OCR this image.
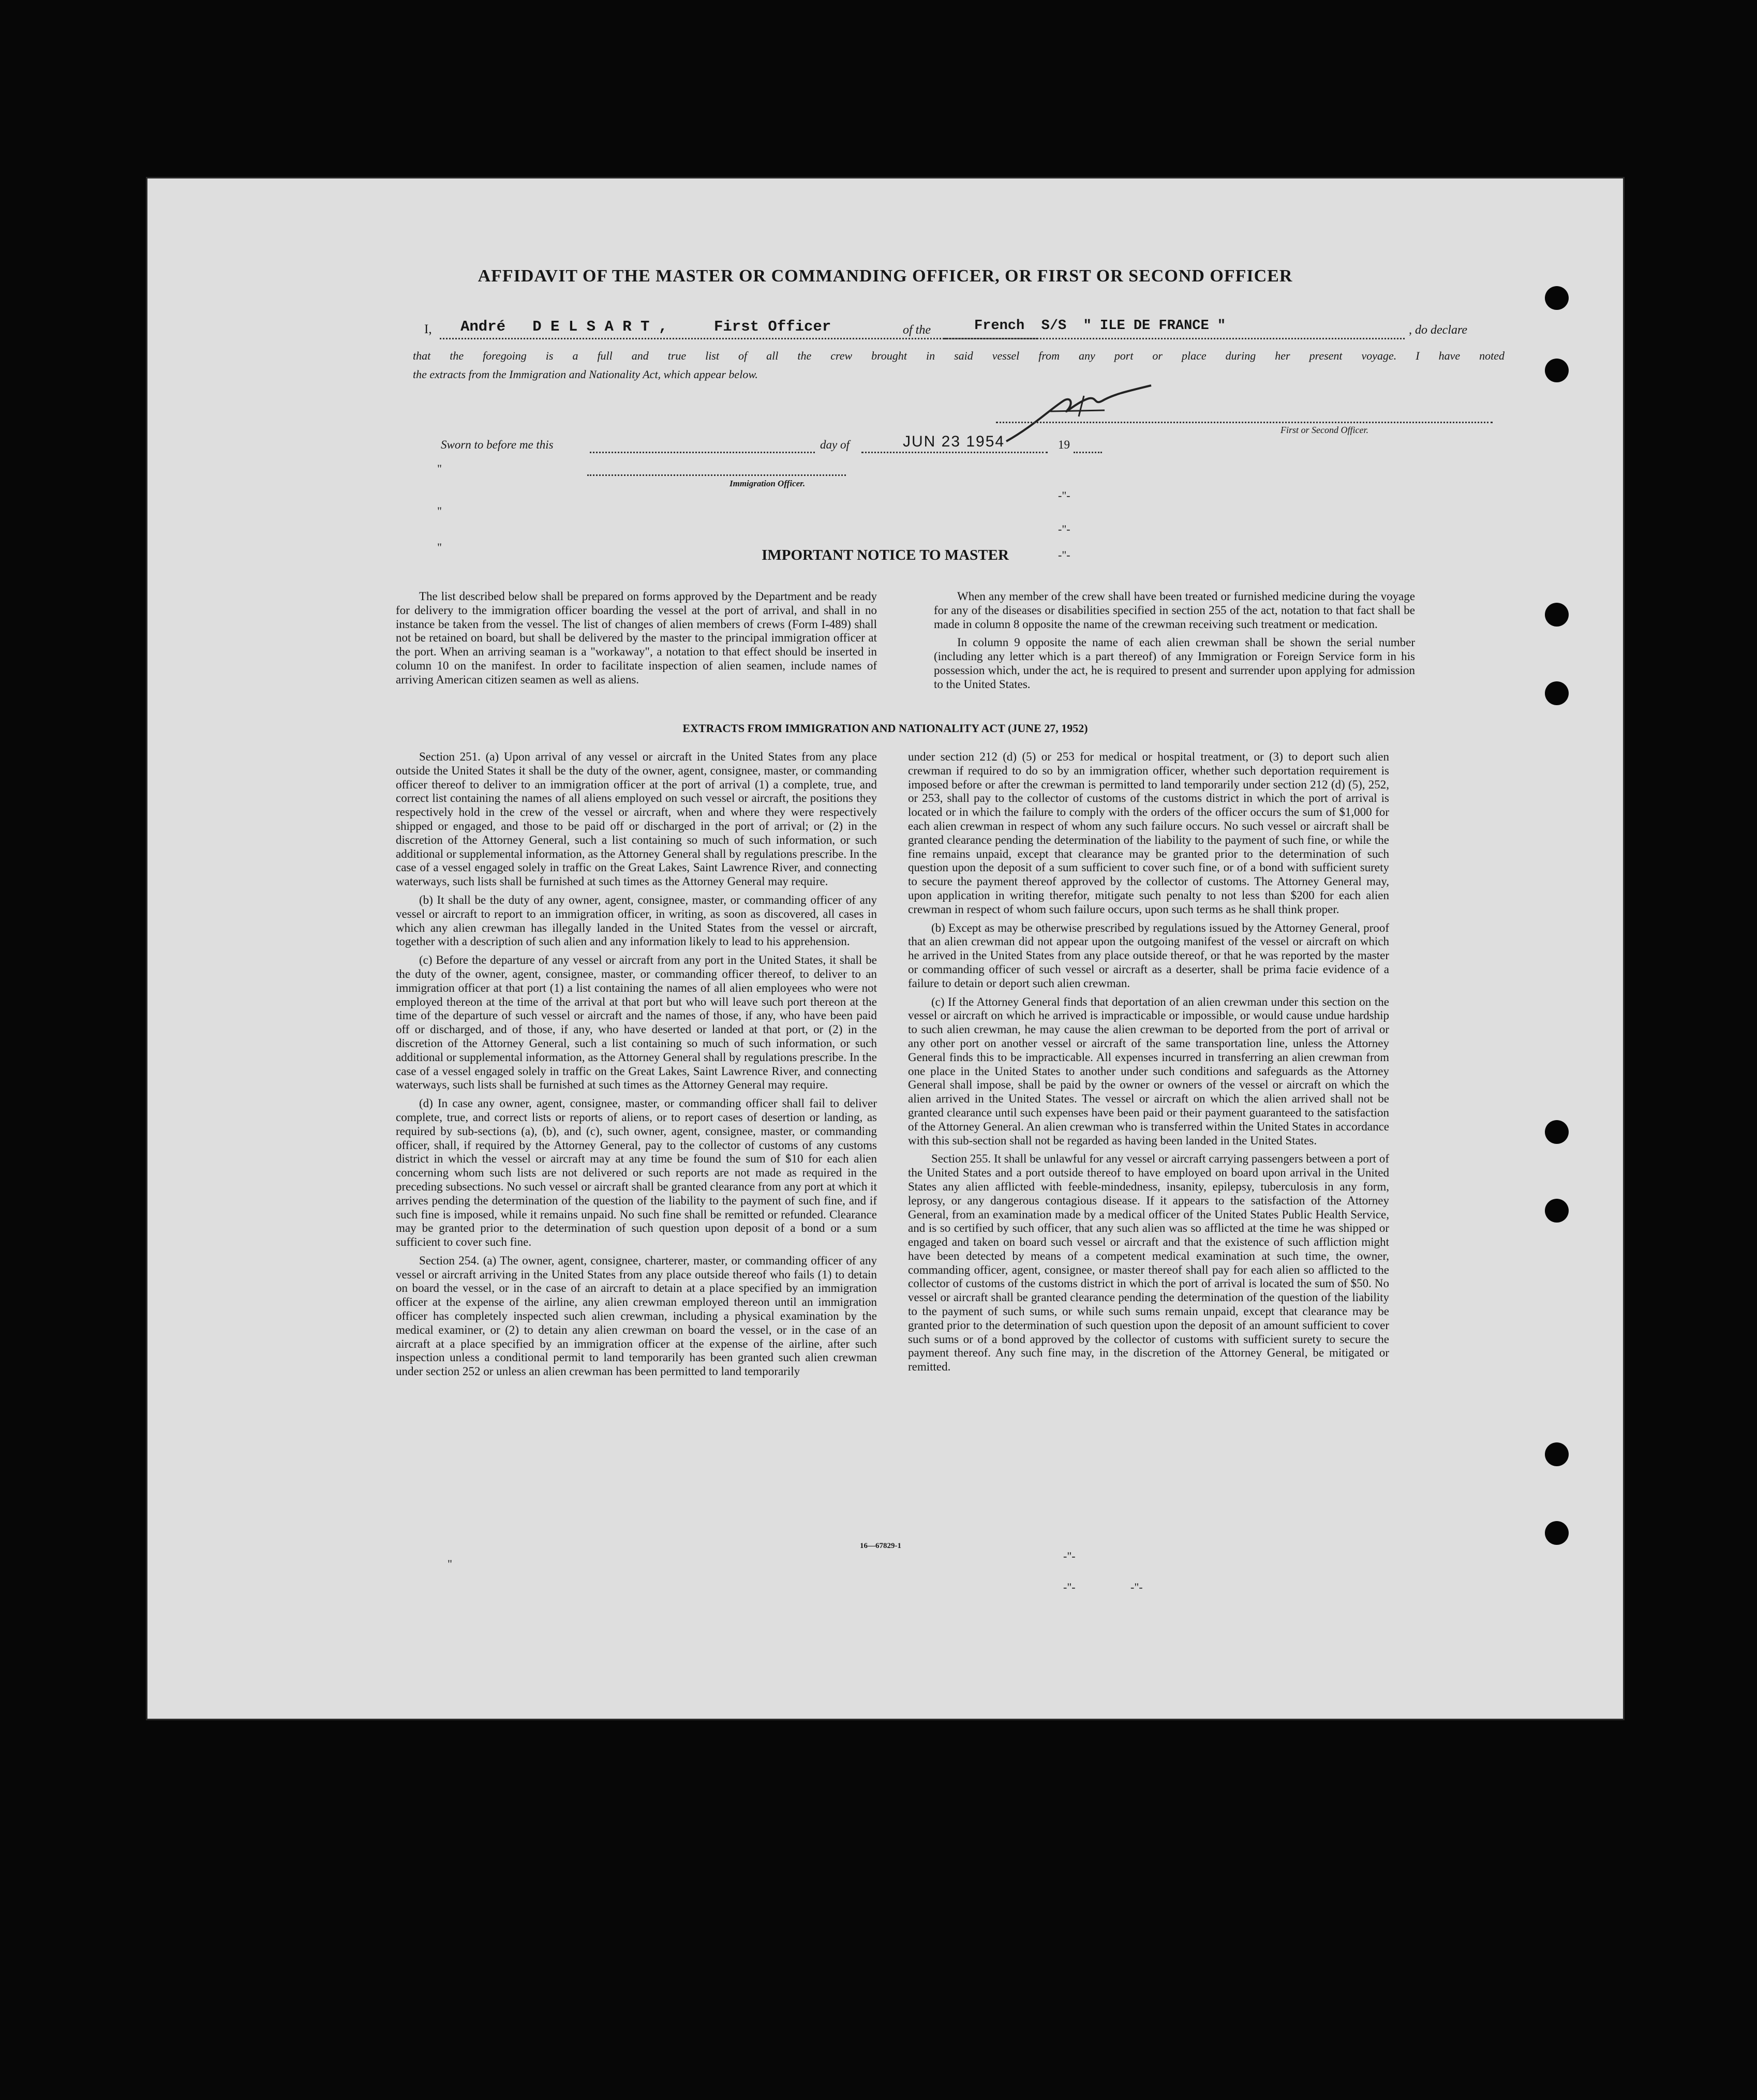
AFFIDAVIT OF THE MASTER OR COMMANDING OFFICER, OR FIRST OR SECOND OFFICER
I, André   D E L S A R T ,	First Officer	of the	French  S/S  " ILE DE FRANCE "	, do declare
that the foregoing is a full and true list of all the crew brought in said vessel from any port or place during her present voyage. I have noted
the extracts from the Immigration and Nationality Act, which appear below.
First or Second Officer.
Sworn to before me this	day of	JUN 23 1954	19
Immigration Officer.
"
"
"
-"-
-"-
-"-
IMPORTANT NOTICE TO MASTER

The list described below shall be prepared on forms approved by the Department and be ready for delivery to the immigration officer boarding the vessel at the port of arrival, and shall in no instance be taken from the vessel. The list of changes of alien members of crews (Form I-489) shall not be retained on board, but shall be delivered by the master to the principal immigration officer at the port. When an arriving seaman is a "workaway", a notation to that effect should be inserted in column 10 on the manifest. In order to facilitate inspection of alien seamen, include names of arriving American citizen seamen as well as aliens.

When any member of the crew shall have been treated or furnished medicine during the voyage for any of the diseases or disabilities specified in section 255 of the act, notation to that fact shall be made in column 8 opposite the name of the crewman receiving such treatment or medication.

In column 9 opposite the name of each alien crewman shall be shown the serial number (including any letter which is a part thereof) of any Immigration or Foreign Service form in his possession which, under the act, he is required to present and surrender upon applying for admission to the United States.

EXTRACTS FROM IMMIGRATION AND NATIONALITY ACT (JUNE 27, 1952)

Section 251. (a) Upon arrival of any vessel or aircraft in the United States from any place outside the United States it shall be the duty of the owner, agent, consignee, master, or commanding officer thereof to deliver to an immigration officer at the port of arrival (1) a complete, true, and correct list containing the names of all aliens employed on such vessel or aircraft, the positions they respectively hold in the crew of the vessel or aircraft, when and where they were respectively shipped or engaged, and those to be paid off or discharged in the port of arrival; or (2) in the discretion of the Attorney General, such a list containing so much of such information, or such additional or supplemental information, as the Attorney General shall by regulations prescribe. In the case of a vessel engaged solely in traffic on the Great Lakes, Saint Lawrence River, and connecting waterways, such lists shall be furnished at such times as the Attorney General may require.

(b) It shall be the duty of any owner, agent, consignee, master, or commanding officer of any vessel or aircraft to report to an immigration officer, in writing, as soon as discovered, all cases in which any alien crewman has illegally landed in the United States from the vessel or aircraft, together with a description of such alien and any information likely to lead to his apprehension.

(c) Before the departure of any vessel or aircraft from any port in the United States, it shall be the duty of the owner, agent, consignee, master, or commanding officer thereof, to deliver to an immigration officer at that port (1) a list containing the names of all alien employees who were not employed thereon at the time of the arrival at that port but who will leave such port thereon at the time of the departure of such vessel or aircraft and the names of those, if any, who have been paid off or discharged, and of those, if any, who have deserted or landed at that port, or (2) in the discretion of the Attorney General, such a list containing so much of such information, or such additional or supplemental information, as the Attorney General shall by regulations prescribe. In the case of a vessel engaged solely in traffic on the Great Lakes, Saint Lawrence River, and connecting waterways, such lists shall be furnished at such times as the Attorney General may require.

(d) In case any owner, agent, consignee, master, or commanding officer shall fail to deliver complete, true, and correct lists or reports of aliens, or to report cases of desertion or landing, as required by sub-sections (a), (b), and (c), such owner, agent, consignee, master, or commanding officer, shall, if required by the Attorney General, pay to the collector of customs of any customs district in which the vessel or aircraft may at any time be found the sum of $10 for each alien concerning whom such lists are not delivered or such reports are not made as required in the preceding subsections. No such vessel or aircraft shall be granted clearance from any port at which it arrives pending the determination of the question of the liability to the payment of such fine, and if such fine is imposed, while it remains unpaid. No such fine shall be remitted or refunded. Clearance may be granted prior to the determination of such question upon deposit of a bond or a sum sufficient to cover such fine.

Section 254. (a) The owner, agent, consignee, charterer, master, or commanding officer of any vessel or aircraft arriving in the United States from any place outside thereof who fails (1) to detain on board the vessel, or in the case of an aircraft to detain at a place specified by an immigration officer at the expense of the airline, any alien crewman employed thereon until an immigration officer has completely inspected such alien crewman, including a physical examination by the medical examiner, or (2) to detain any alien crewman on board the vessel, or in the case of an aircraft at a place specified by an immigration officer at the expense of the airline, after such inspection unless a conditional permit to land temporarily has been granted such alien crewman under section 252 or unless an alien crewman has been permitted to land temporarily

under section 212 (d) (5) or 253 for medical or hospital treatment, or (3) to deport such alien crewman if required to do so by an immigration officer, whether such deportation requirement is imposed before or after the crewman is permitted to land temporarily under section 212 (d) (5), 252, or 253, shall pay to the collector of customs of the customs district in which the port of arrival is located or in which the failure to comply with the orders of the officer occurs the sum of $1,000 for each alien crewman in respect of whom any such failure occurs. No such vessel or aircraft shall be granted clearance pending the determination of the liability to the payment of such fine, or while the fine remains unpaid, except that clearance may be granted prior to the determination of such question upon the deposit of a sum sufficient to cover such fine, or of a bond with sufficient surety to secure the payment thereof approved by the collector of customs. The Attorney General may, upon application in writing therefor, mitigate such penalty to not less than $200 for each alien crewman in respect of whom such failure occurs, upon such terms as he shall think proper.

(b) Except as may be otherwise prescribed by regulations issued by the Attorney General, proof that an alien crewman did not appear upon the outgoing manifest of the vessel or aircraft on which he arrived in the United States from any place outside thereof, or that he was reported by the master or commanding officer of such vessel or aircraft as a deserter, shall be prima facie evidence of a failure to detain or deport such alien crewman.

(c) If the Attorney General finds that deportation of an alien crewman under this section on the vessel or aircraft on which he arrived is impracticable or impossible, or would cause undue hardship to such alien crewman, he may cause the alien crewman to be deported from the port of arrival or any other port on another vessel or aircraft of the same transportation line, unless the Attorney General finds this to be impracticable. All expenses incurred in transferring an alien crewman from one place in the United States to another under such conditions and safeguards as the Attorney General shall impose, shall be paid by the owner or owners of the vessel or aircraft on which the alien arrived in the United States. The vessel or aircraft on which the alien arrived shall not be granted clearance until such expenses have been paid or their payment guaranteed to the satisfaction of the Attorney General. An alien crewman who is transferred within the United States in accordance with this sub-section shall not be regarded as having been landed in the United States.

Section 255. It shall be unlawful for any vessel or aircraft carrying passengers between a port of the United States and a port outside thereof to have employed on board upon arrival in the United States any alien afflicted with feeble-mindedness, insanity, epilepsy, tuberculosis in any form, leprosy, or any dangerous contagious disease. If it appears to the satisfaction of the Attorney General, from an examination made by a medical officer of the United States Public Health Service, and is so certified by such officer, that any such alien was so afflicted at the time he was shipped or engaged and taken on board such vessel or aircraft and that the existence of such affliction might have been detected by means of a competent medical examination at such time, the owner, commanding officer, agent, consignee, or master thereof shall pay for each alien so afflicted to the collector of customs of the customs district in which the port of arrival is located the sum of $50. No vessel or aircraft shall be granted clearance pending the determination of the question of the liability to the payment of such sums, or while such sums remain unpaid, except that clearance may be granted prior to the determination of such question upon the deposit of an amount sufficient to cover such sums or of a bond approved by the collector of customs with sufficient surety to secure the payment thereof. Any such fine may, in the discretion of the Attorney General, be mitigated or remitted.

16—67829-1
-"-
-"-	-"-
"
